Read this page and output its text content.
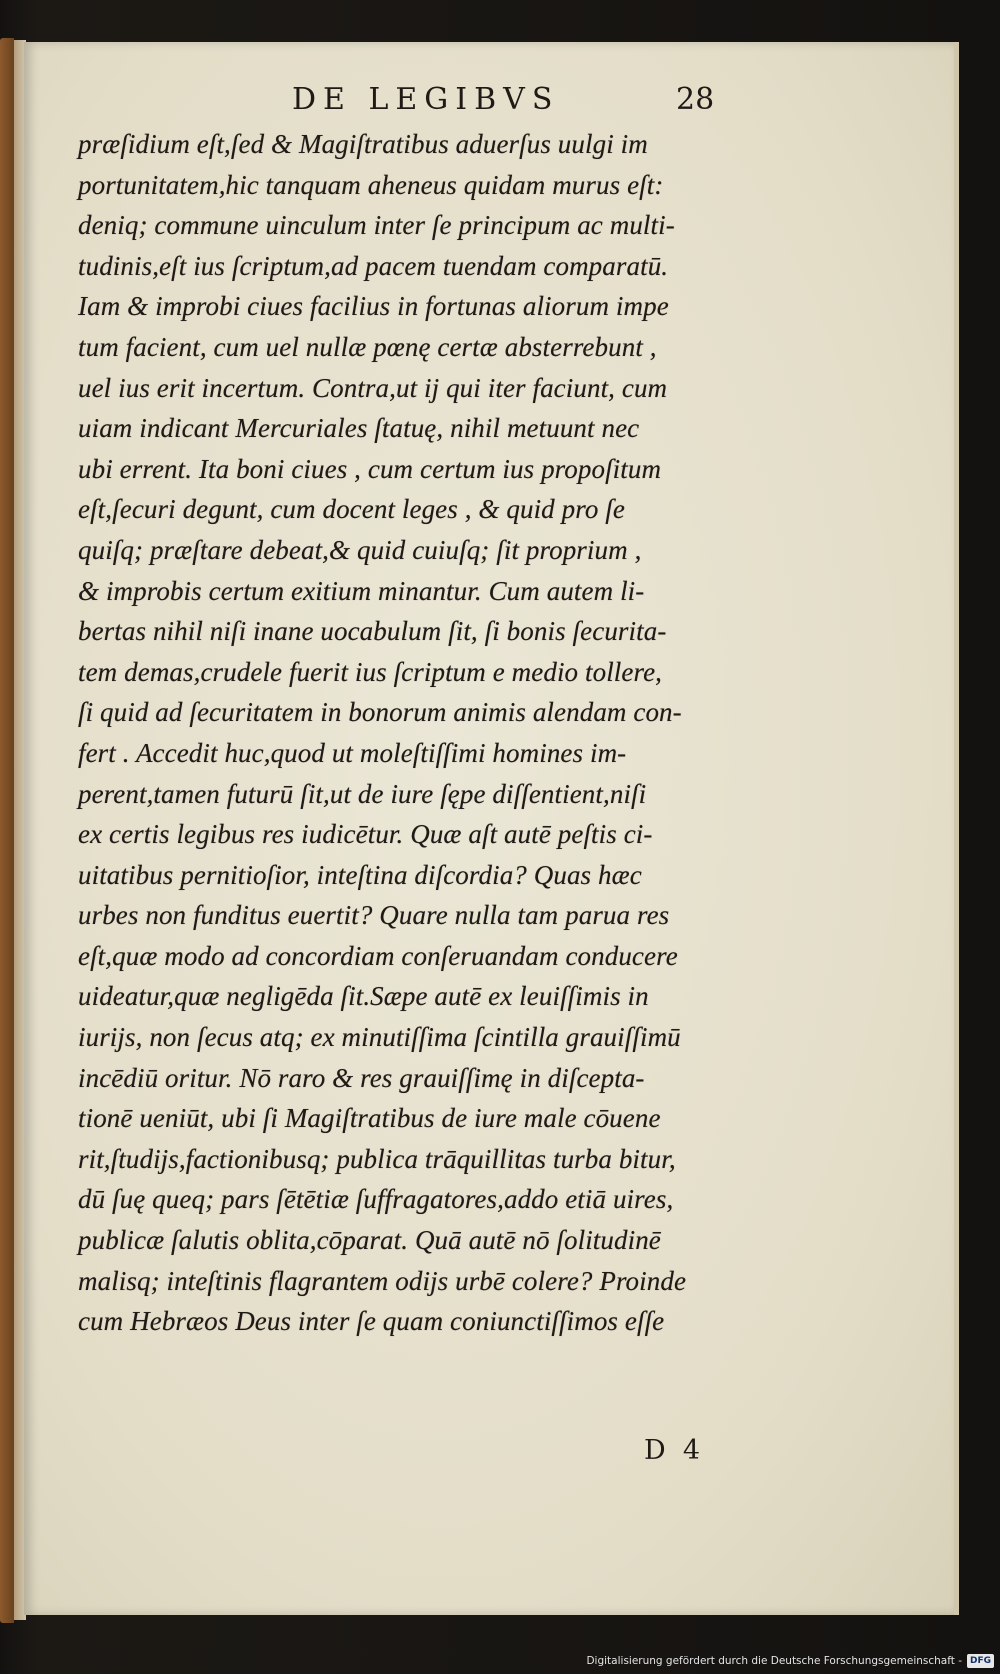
DE LEGIBVS	28
præſidium eſt,ſed & Magiſtratibus aduerſus uulgi im
portunitatem,hic tanquam aheneus quidam murus eſt:
deniq; commune uinculum inter ſe principum ac multi-
tudinis,eſt ius ſcriptum,ad pacem tuendam comparatū.
Iam & improbi ciues facilius in fortunas aliorum impe
tum facient, cum uel nullæ pœnę certæ absterrebunt ,
uel ius erit incertum. Contra,ut ij qui iter faciunt, cum
uiam indicant Mercuriales ſtatuę, nihil metuunt nec
ubi errent. Ita boni ciues , cum certum ius propoſitum
eſt,ſecuri degunt, cum docent leges , & quid pro ſe
quiſq; præſtare debeat,& quid cuiuſq; ſit proprium ,
& improbis certum exitium minantur. Cum autem li-
bertas nihil niſi inane uocabulum ſit, ſi bonis ſecurita-
tem demas,crudele fuerit ius ſcriptum e medio tollere,
ſi quid ad ſecuritatem in bonorum animis alendam con-
fert . Accedit huc,quod ut moleſtiſſimi homines im-
perent,tamen futurū ſit,ut de iure ſępe diſſentient,niſi
ex certis legibus res iudicētur. Quæ aſt autē peſtis ci-
uitatibus pernitioſior, inteſtina diſcordia? Quas hæc
urbes non funditus euertit? Quare nulla tam parua res
eſt,quæ modo ad concordiam conſeruandam conducere
uideatur,quæ negligēda ſit.Sæpe autē ex leuiſſimis in
iurijs, non ſecus atq; ex minutiſſima ſcintilla grauiſſimū
incēdiū oritur. Nō raro & res grauiſſimę in diſcepta-
tionē ueniūt, ubi ſi Magiſtratibus de iure male cōuene
rit,ſtudijs,factionibusq; publica trāquillitas turba bitur,
dū ſuę queq; pars ſētētiæ ſuffragatores,addo etiā uires,
publicæ ſalutis oblita,cōparat. Quā autē nō ſolitudinē
malisq; inteſtinis flagrantem odijs urbē colere? Proinde
cum Hebræos Deus inter ſe quam coniunctiſſimos eſſe
D  4
Digitalisierung gefördert durch die Deutsche Forschungsgemeinschaft - DFG
